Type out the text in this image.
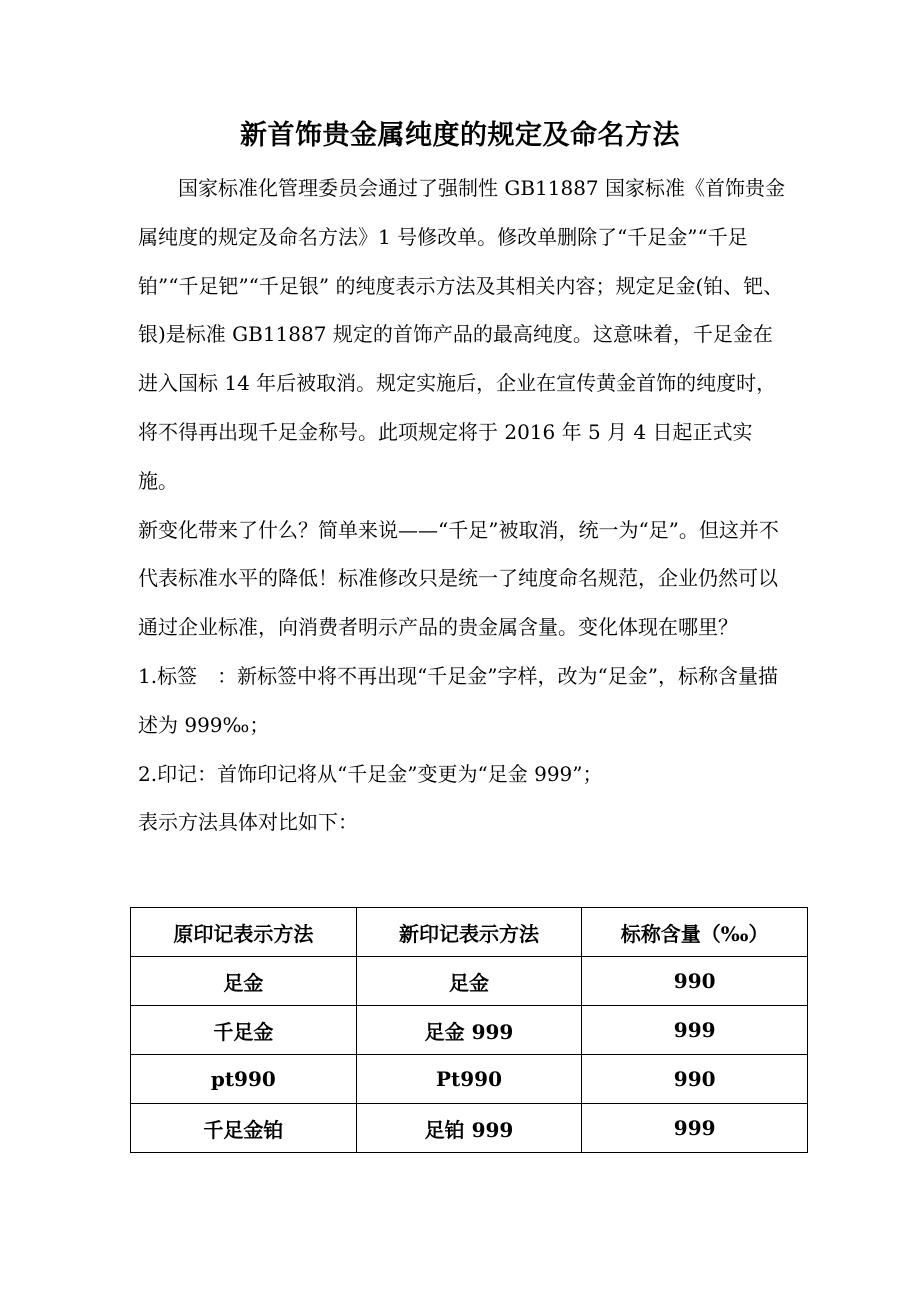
新首饰贵金属纯度的规定及命名方法

国家标准化管理委员会通过了强制性 GB11887 国家标准《首饰贵金属纯度的规定及命名方法》1 号修改单。修改单删除了“千足金”“千足铂”“千足钯”“千足银” 的纯度表示方法及其相关内容；规定足金(铂、钯、银)是标准 GB11887 规定的首饰产品的最高纯度。这意味着，千足金在进入国标 14 年后被取消。规定实施后，企业在宣传黄金首饰的纯度时，将不得再出现千足金称号。此项规定将于 2016 年 5 月 4 日起正式实施。

新变化带来了什么？简单来说——“千足”被取消，统一为“足”。但这并不代表标准水平的降低！标准修改只是统一了纯度命名规范，企业仍然可以通过企业标准，向消费者明示产品的贵金属含量。变化体现在哪里？

1.标签　：新标签中将不再出现“千足金”字样，改为“足金”，标称含量描述为 999‰；

2.印记：首饰印记将从“千足金”变更为“足金 999”；

表示方法具体对比如下：

原印记表示方法	新印记表示方法	标称含量（‰）
足金	足金	990
千足金	足金 999	999
pt990	Pt990	990
千足金铂	足铂 999	999
